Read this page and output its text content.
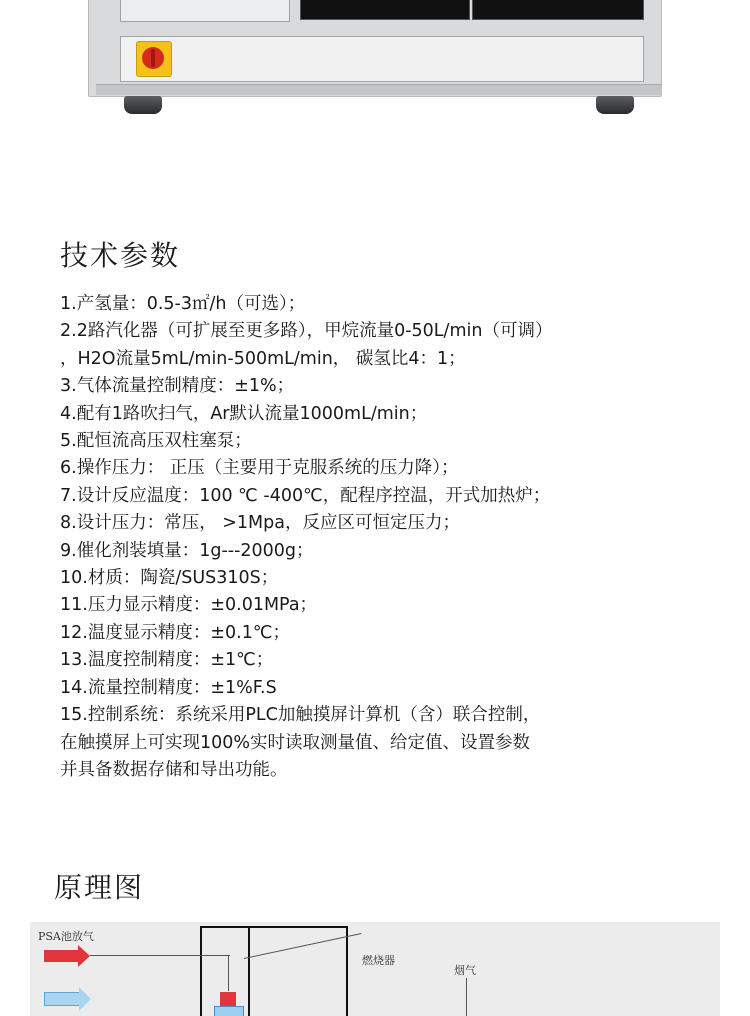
技术参数
1.产氢量：0.5-3㎡/h（可选）；
2.2路汽化器（可扩展至更多路），甲烷流量0-50L/min（可调）
，H2O流量5mL/min-500mL/min， 碳氢比4：1；
3.气体流量控制精度：±1%；
4.配有1路吹扫气，Ar默认流量1000mL/min；
5.配恒流高压双柱塞泵；
6.操作压力： 正压（主要用于克服系统的压力降）；
7.设计反应温度：100 ℃ -400℃，配程序控温，开式加热炉；
8.设计压力：常压， >1Mpa，反应区可恒定压力；
9.催化剂装填量：1g---2000g；
10.材质：陶瓷/SUS310S；
11.压力显示精度：±0.01MPa；
12.温度显示精度：±0.1℃；
13.温度控制精度：±1℃；
14.流量控制精度：±1%F.S
15.控制系统：系统采用PLC加触摸屏计算机（含）联合控制，
在触摸屏上可实现100%实时读取测量值、给定值、设置参数
并具备数据存储和导出功能。
原理图
PSA池放气
燃烧器
烟气
